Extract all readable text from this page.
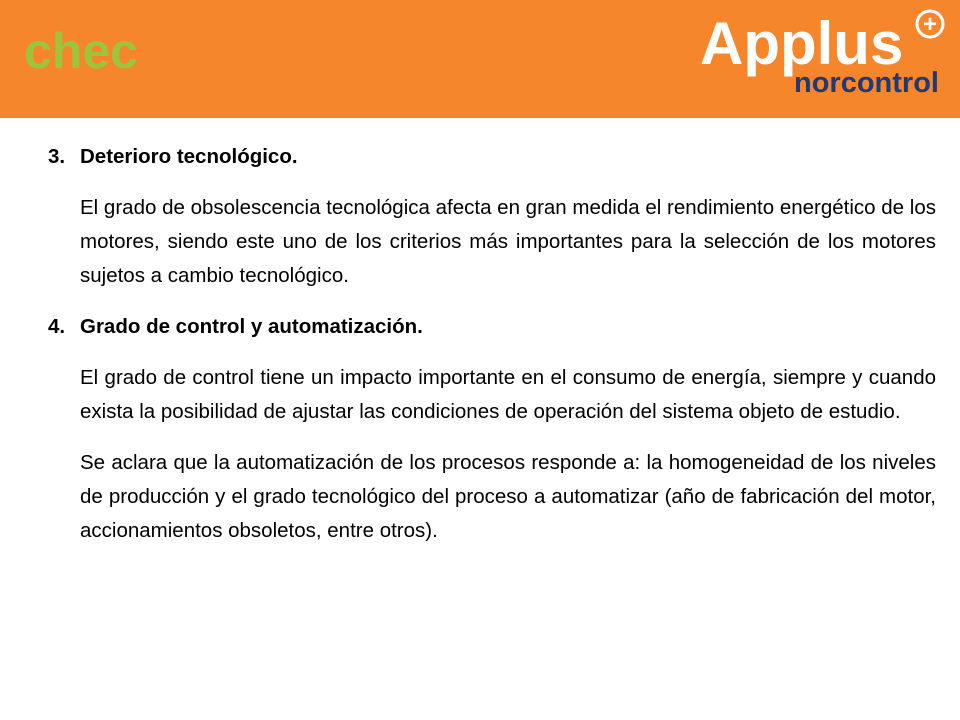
chec	Applus +
norcontrol
3. Deterioro tecnológico.

El grado de obsolescencia tecnológica afecta en gran medida el rendimiento energético de los motores, siendo este uno de los criterios más importantes para la selección de los motores sujetos a cambio tecnológico.

4. Grado de control y automatización.

El grado de control tiene un impacto importante en el consumo de energía, siempre y cuando exista la posibilidad de ajustar las condiciones de operación del sistema objeto de estudio.

Se aclara que la automatización de los procesos responde a: la homogeneidad de los niveles de producción y el grado tecnológico del proceso a automatizar (año de fabricación del motor, accionamientos obsoletos, entre otros).
